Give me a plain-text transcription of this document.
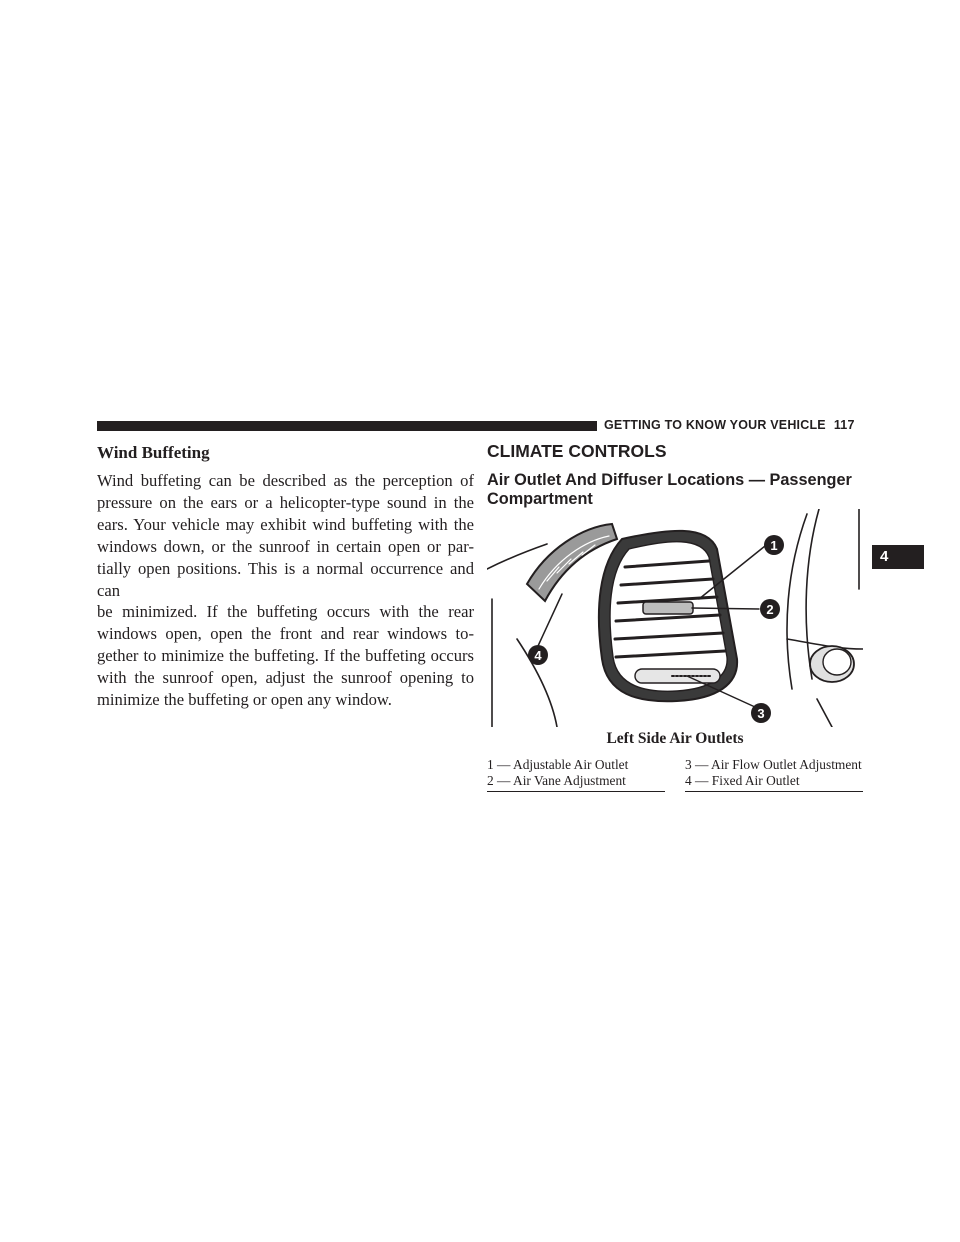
GETTING TO KNOW YOUR VEHICLE 117
4
Wind Buffeting

Wind buffeting can be described as the perception of
pressure on the ears or a helicopter-type sound in the
ears. Your vehicle may exhibit wind buffeting with the
windows down, or the sunroof in certain open or par-
tially open positions. This is a normal occurrence and can
be minimized. If the buffeting occurs with the rear
windows open, open the front and rear windows to-
gether to minimize the buffeting. If the buffeting occurs
with the sunroof open, adjust the sunroof opening to
minimize the buffeting or open any window.

CLIMATE CONTROLS
Air Outlet And Diffuser Locations — Passenger Compartment
1
2
3
4
Left Side Air Outlets
1 — Adjustable Air Outlet
2 — Air Vane Adjustment
3 — Air Flow Outlet Adjustment
4 — Fixed Air Outlet
